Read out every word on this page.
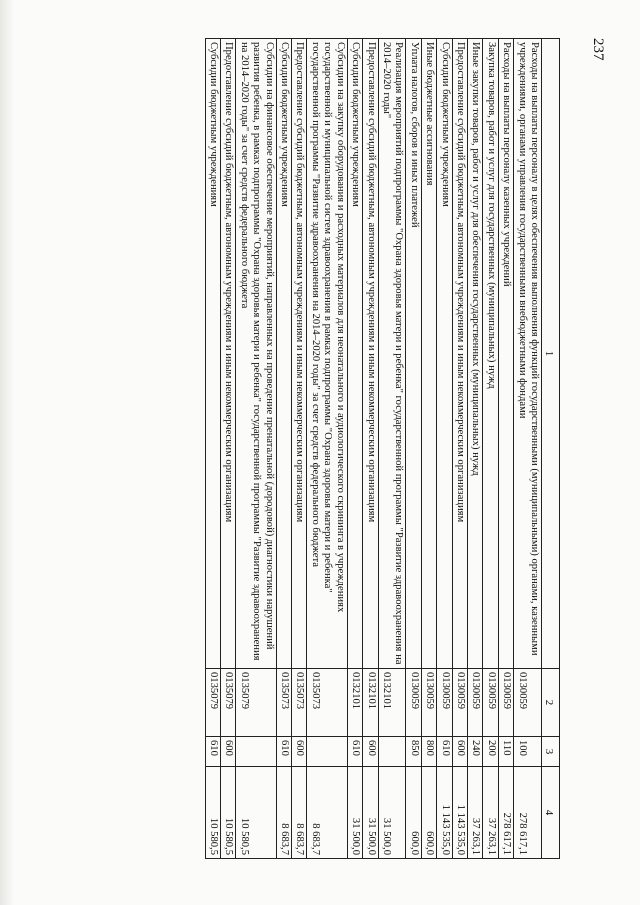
237
1	2	3	4
Расходы на выплаты персоналу в целях обеспечения выполнения функций государственными (муниципальными) органами, казенными учреждениями, органами управления государственными внебюджетными фондами	0130059	100	278 617,1
Расходы на выплаты персоналу казенных учреждений	0130059	110	278 617,1
Закупка товаров, работ и услуг для государственных (муниципальных) нужд	0130059	200	37 263,1
Иные закупки товаров, работ и услуг для обеспечения государственных (муниципальных) нужд	0130059	240	37 263,1
Предоставление субсидий бюджетным, автономным учреждениям и иным некоммерческим организациям	0130059	600	1 143 535,0
Субсидии бюджетным учреждениям	0130059	610	1 143 535,0
Иные бюджетные ассигнования	0130059	800	600,0
Уплата налогов, сборов и иных платежей	0130059	850	600,0
Реализация мероприятий подпрограммы "Охрана здоровья матери и ребенка" государственной программы "Развитие здравоохранения на 2014–2020 годы"	0132101		31 500,0
Предоставление субсидий бюджетным, автономным учреждениям и иным некоммерческим организациям	0132101	600	31 500,0
Субсидии бюджетным учреждениям	0132101	610	31 500,0
Субсидии на закупку оборудования и расходных материалов для неонатального и аудиологического скрининга в учреждениях государственной и муниципальной систем здравоохранения в рамках подпрограммы "Охрана здоровья матери и ребенка" государственной программы "Развитие здравоохранения на 2014–2020 годы" за счет средств федерального бюджета	0135073		8 683,7
Предоставление субсидий бюджетным, автономным учреждениям и иным некоммерческим организациям	0135073	600	8 683,7
Субсидии бюджетным учреждениям	0135073	610	8 683,7
Субсидии на финансовое обеспечение мероприятий, направленных на проведение пренатальной (дородовой) диагностики нарушений развития ребенка, в рамках подпрограммы "Охрана здоровья матери и ребенка" государственной программы "Развитие здравоохранения на 2014–2020 годы" за счет средств федерального бюджета	0135079		10 580,5
Предоставление субсидий бюджетным, автономным учреждениям и иным некоммерческим организациям	0135079	600	10 580,5
Субсидии бюджетным учреждениям	0135079	610	10 580,5
